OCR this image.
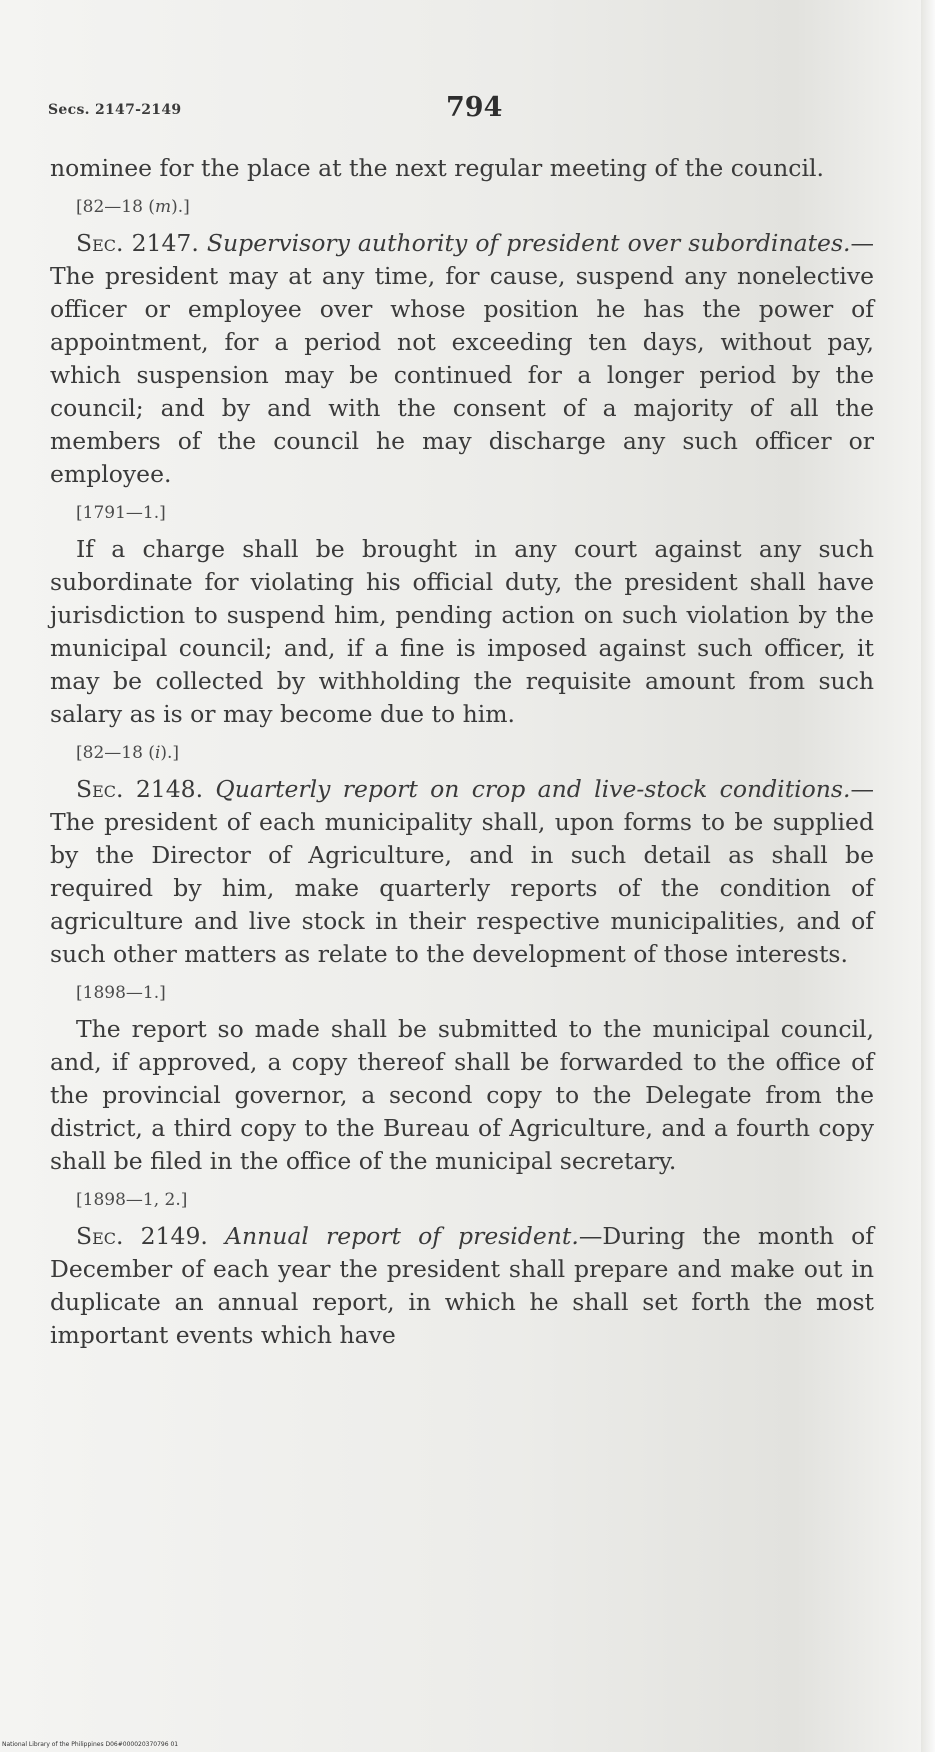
Secs. 2147-2149	794

nominee for the place at the next regular meeting of the council.

[82—18 (m).]

Sec. 2147. Supervisory authority of president over subordinates.—The president may at any time, for cause, suspend any nonelective officer or employee over whose position he has the power of appointment, for a period not exceeding ten days, without pay, which suspension may be continued for a longer period by the council; and by and with the consent of a majority of all the members of the council he may discharge any such officer or employee.

[1791—1.]

If a charge shall be brought in any court against any such subordinate for violating his official duty, the president shall have jurisdiction to suspend him, pending action on such violation by the municipal council; and, if a fine is imposed against such officer, it may be collected by withholding the requisite amount from such salary as is or may become due to him.

[82—18 (i).]

Sec. 2148. Quarterly report on crop and live-stock conditions.—The president of each municipality shall, upon forms to be supplied by the Director of Agriculture, and in such detail as shall be required by him, make quarterly reports of the condition of agriculture and live stock in their respective municipalities, and of such other matters as relate to the development of those interests.

[1898—1.]

The report so made shall be submitted to the municipal council, and, if approved, a copy thereof shall be forwarded to the office of the provincial governor, a second copy to the Delegate from the district, a third copy to the Bureau of Agriculture, and a fourth copy shall be filed in the office of the municipal secretary.

[1898—1, 2.]

Sec. 2149. Annual report of president.—During the month of December of each year the president shall prepare and make out in duplicate an annual report, in which he shall set forth the most important events which have

National Library of the Philippines D06#000020370796 01
